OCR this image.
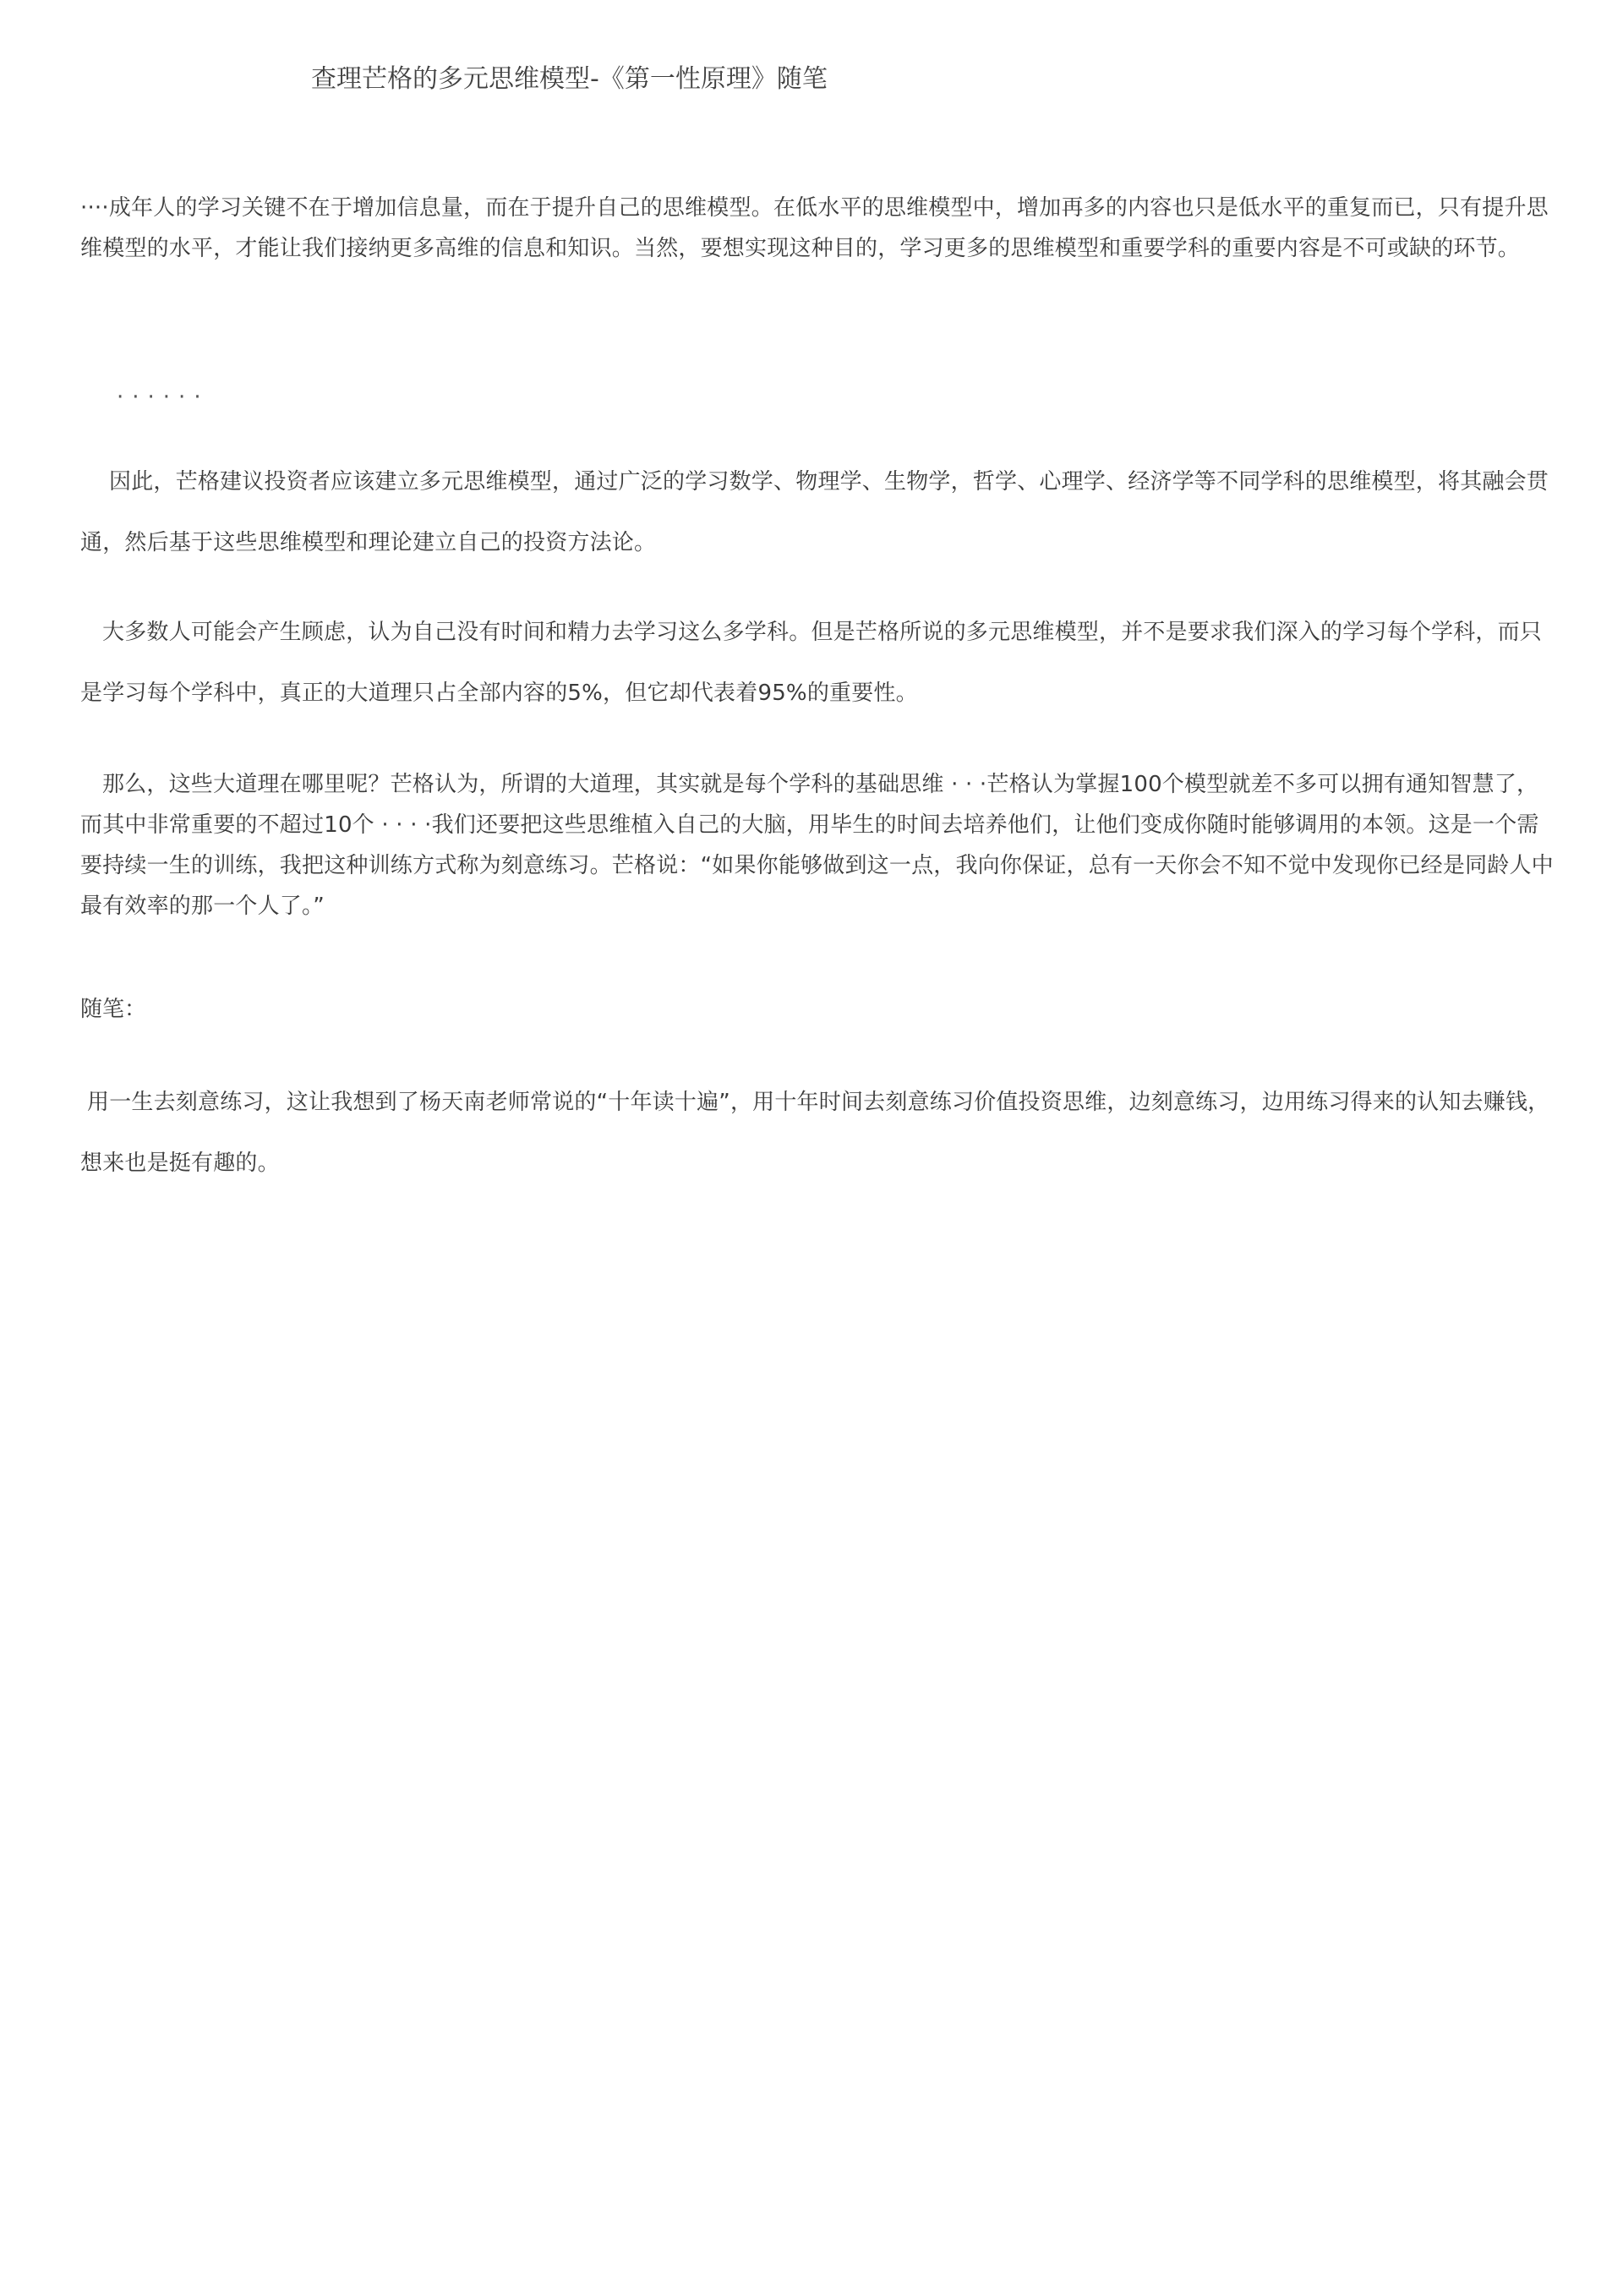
查理芒格的多元思维模型-《第一性原理》随笔
····成年人的学习关键不在于增加信息量，而在于提升自己的思维模型。在低水平的思维模型中，增加再多的内容也只是低水平的重复而已，只有提升思维模型的水平，才能让我们接纳更多高维的信息和知识。当然，要想实现这种目的，学习更多的思维模型和重要学科的重要内容是不可或缺的环节。
······
因此，芒格建议投资者应该建立多元思维模型，通过广泛的学习数学、物理学、生物学，哲学、心理学、经济学等不同学科的思维模型，将其融会贯通，然后基于这些思维模型和理论建立自己的投资方法论。
大多数人可能会产生顾虑，认为自己没有时间和精力去学习这么多学科。但是芒格所说的多元思维模型，并不是要求我们深入的学习每个学科，而只是学习每个学科中，真正的大道理只占全部内容的5%，但它却代表着95%的重要性。
那么，这些大道理在哪里呢？芒格认为，所谓的大道理，其实就是每个学科的基础思维 · · ·芒格认为掌握100个模型就差不多可以拥有通知智慧了，而其中非常重要的不超过10个 · · · ·我们还要把这些思维植入自己的大脑，用毕生的时间去培养他们，让他们变成你随时能够调用的本领。这是一个需要持续一生的训练，我把这种训练方式称为刻意练习。芒格说：“如果你能够做到这一点，我向你保证，总有一天你会不知不觉中发现你已经是同龄人中最有效率的那一个人了。”
随笔：
用一生去刻意练习，这让我想到了杨天南老师常说的“十年读十遍”，用十年时间去刻意练习价值投资思维，边刻意练习，边用练习得来的认知去赚钱，想来也是挺有趣的。
